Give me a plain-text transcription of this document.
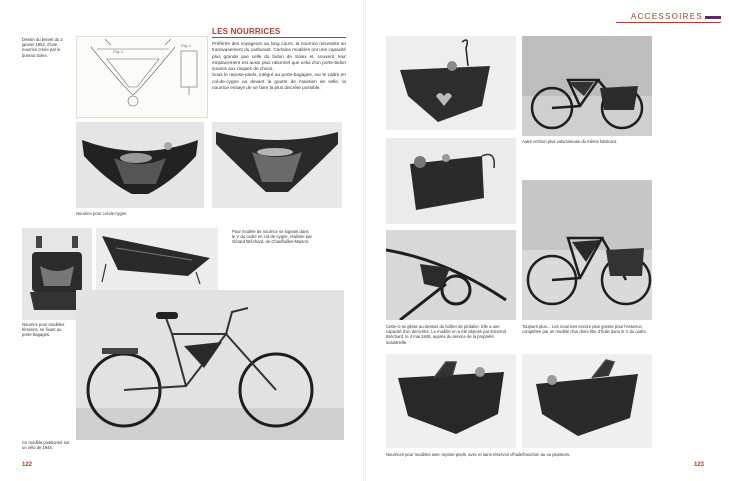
Dessin du brevet du 2 janvier 1952, d'une nourrice créée par le bureau Solex.
Fig.1
Fig.2
LES NOURRICES

Préférée des voyageurs au long cours, la nourrice nécessite un transvasement du carburant. Certains modèles ont une capacité plus grande que celle du bidon de Solex et, souvent, leur emplacement est aussi plus rationnel que celui d'un porte-bidon soumis aux risques de chocs.

Sous le repose-pieds, intégré au porte-bagages, sur le cadre en col-de-cygne ou devant la goutte de maintien de selle, la nourrice essaye de se faire la plus discrète possible.

Nourrice pour col-de-cygne.
Nourrice pour modèles féminins, se fixant au porte-bagages.
Pour modèle de nourrice se logeant dans le V du cadre en col-de-cygne, réalisée par Gérard Bréchard, de Chauffailles-Maison.
Ce modèle positionné sur un vélo de 1946.
122
ACCESSOIRES
Autre version plus volumineuse du même fabricant.
Cette-ci se glisse au-dessus du boîtier de pédalier. Elle a une capacité d'un demi-litre. Le modèle en a été déposé par Edmond Bréchard, le 4 mai 1949, auprès du service de la propriété industrielle.
Toujours plus… Les nourrices encore plus grosse pour l'essence, complétée par un modèle d'un demi-litre d'huile dans le V du cadre.
Nourrices pour modèles avec repose-pieds, avec et sans réservoir d'huile/bouchon au ou plusieurs.
123
